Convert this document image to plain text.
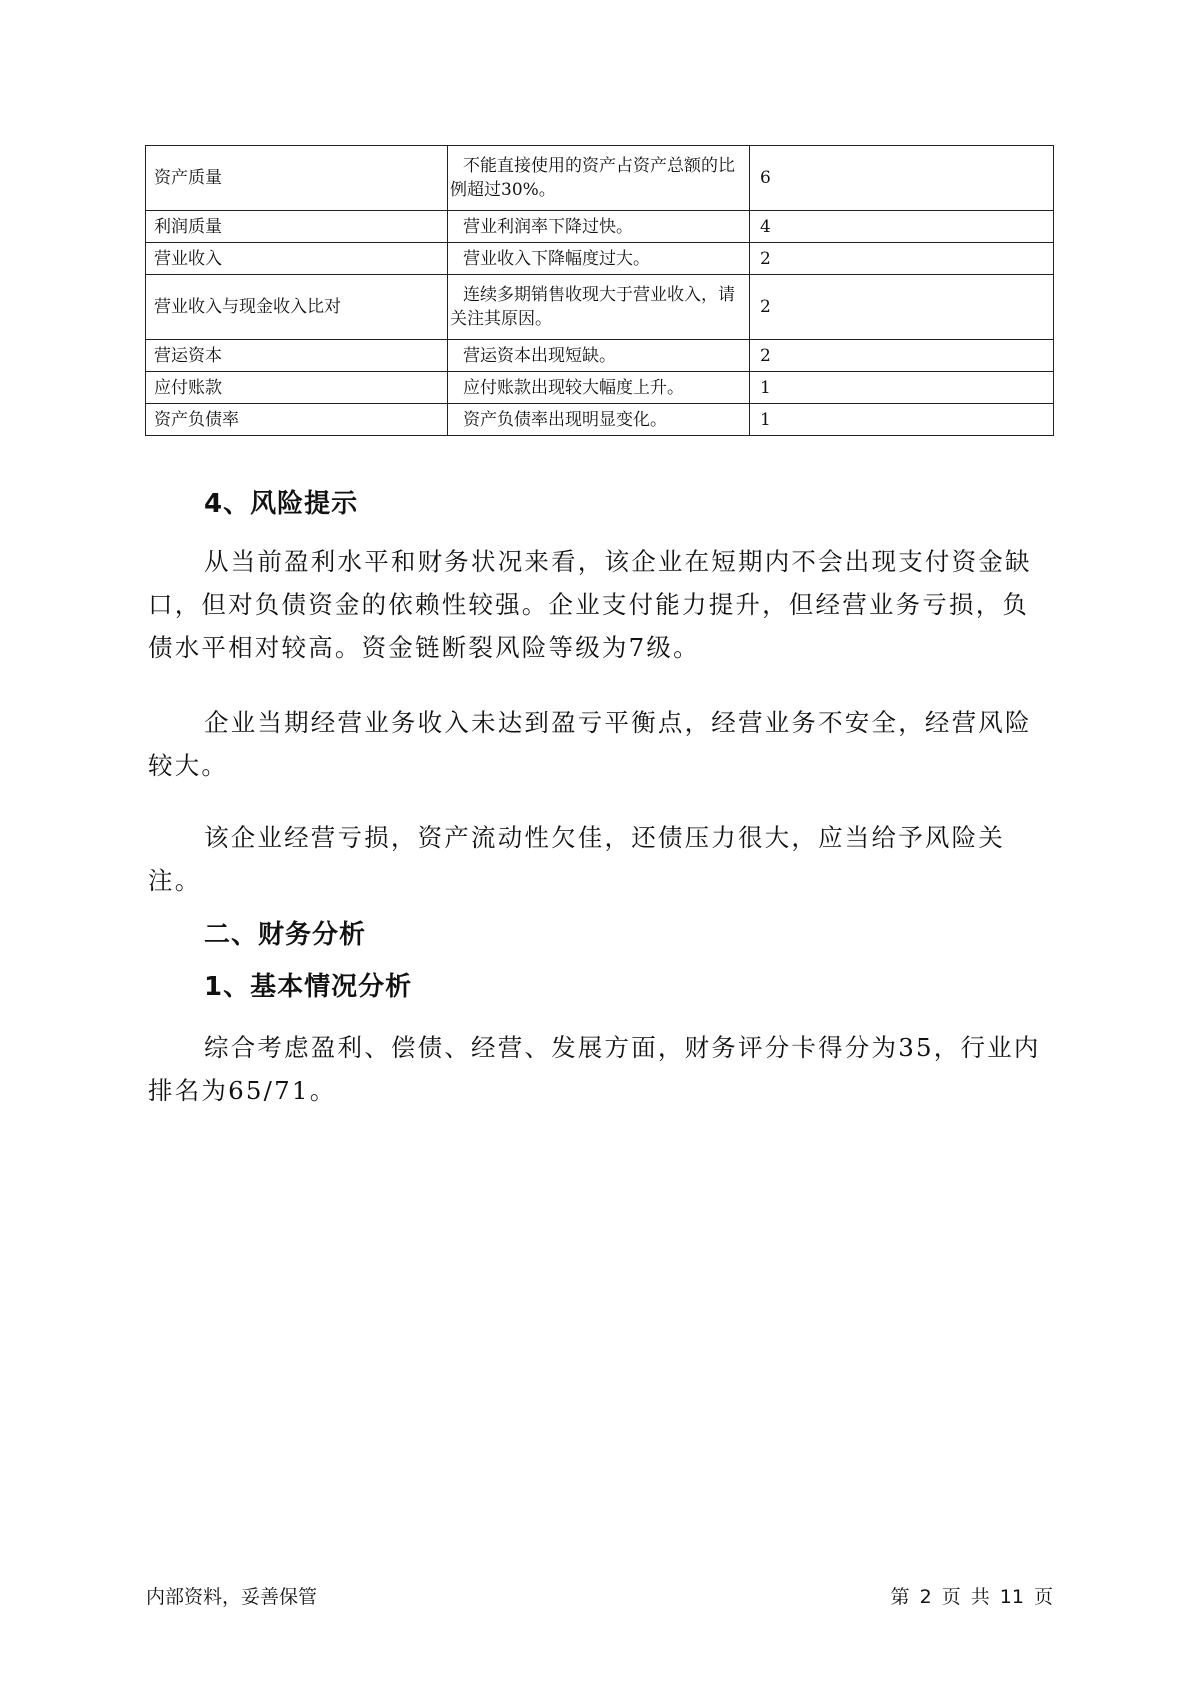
资产质量	不能直接使用的资产占资产总额的比例超过30%。	6
利润质量	营业利润率下降过快。	4
营业收入	营业收入下降幅度过大。	2
营业收入与现金收入比对	连续多期销售收现大于营业收入，请关注其原因。	2
营运资本	营运资本出现短缺。	2
应付账款	应付账款出现较大幅度上升。	1
资产负债率	资产负债率出现明显变化。	1
4、风险提示

从当前盈利水平和财务状况来看，该企业在短期内不会出现支付资金缺口，但对负债资金的依赖性较强。企业支付能力提升，但经营业务亏损，负债水平相对较高。资金链断裂风险等级为7级。

企业当期经营业务收入未达到盈亏平衡点，经营业务不安全，经营风险较大。

该企业经营亏损，资产流动性欠佳，还债压力很大，应当给予风险关注。

二、财务分析
1、基本情况分析

综合考虑盈利、偿债、经营、发展方面，财务评分卡得分为35，行业内排名为65/71。

内部资料，妥善保管	第 2 页 共 11 页
